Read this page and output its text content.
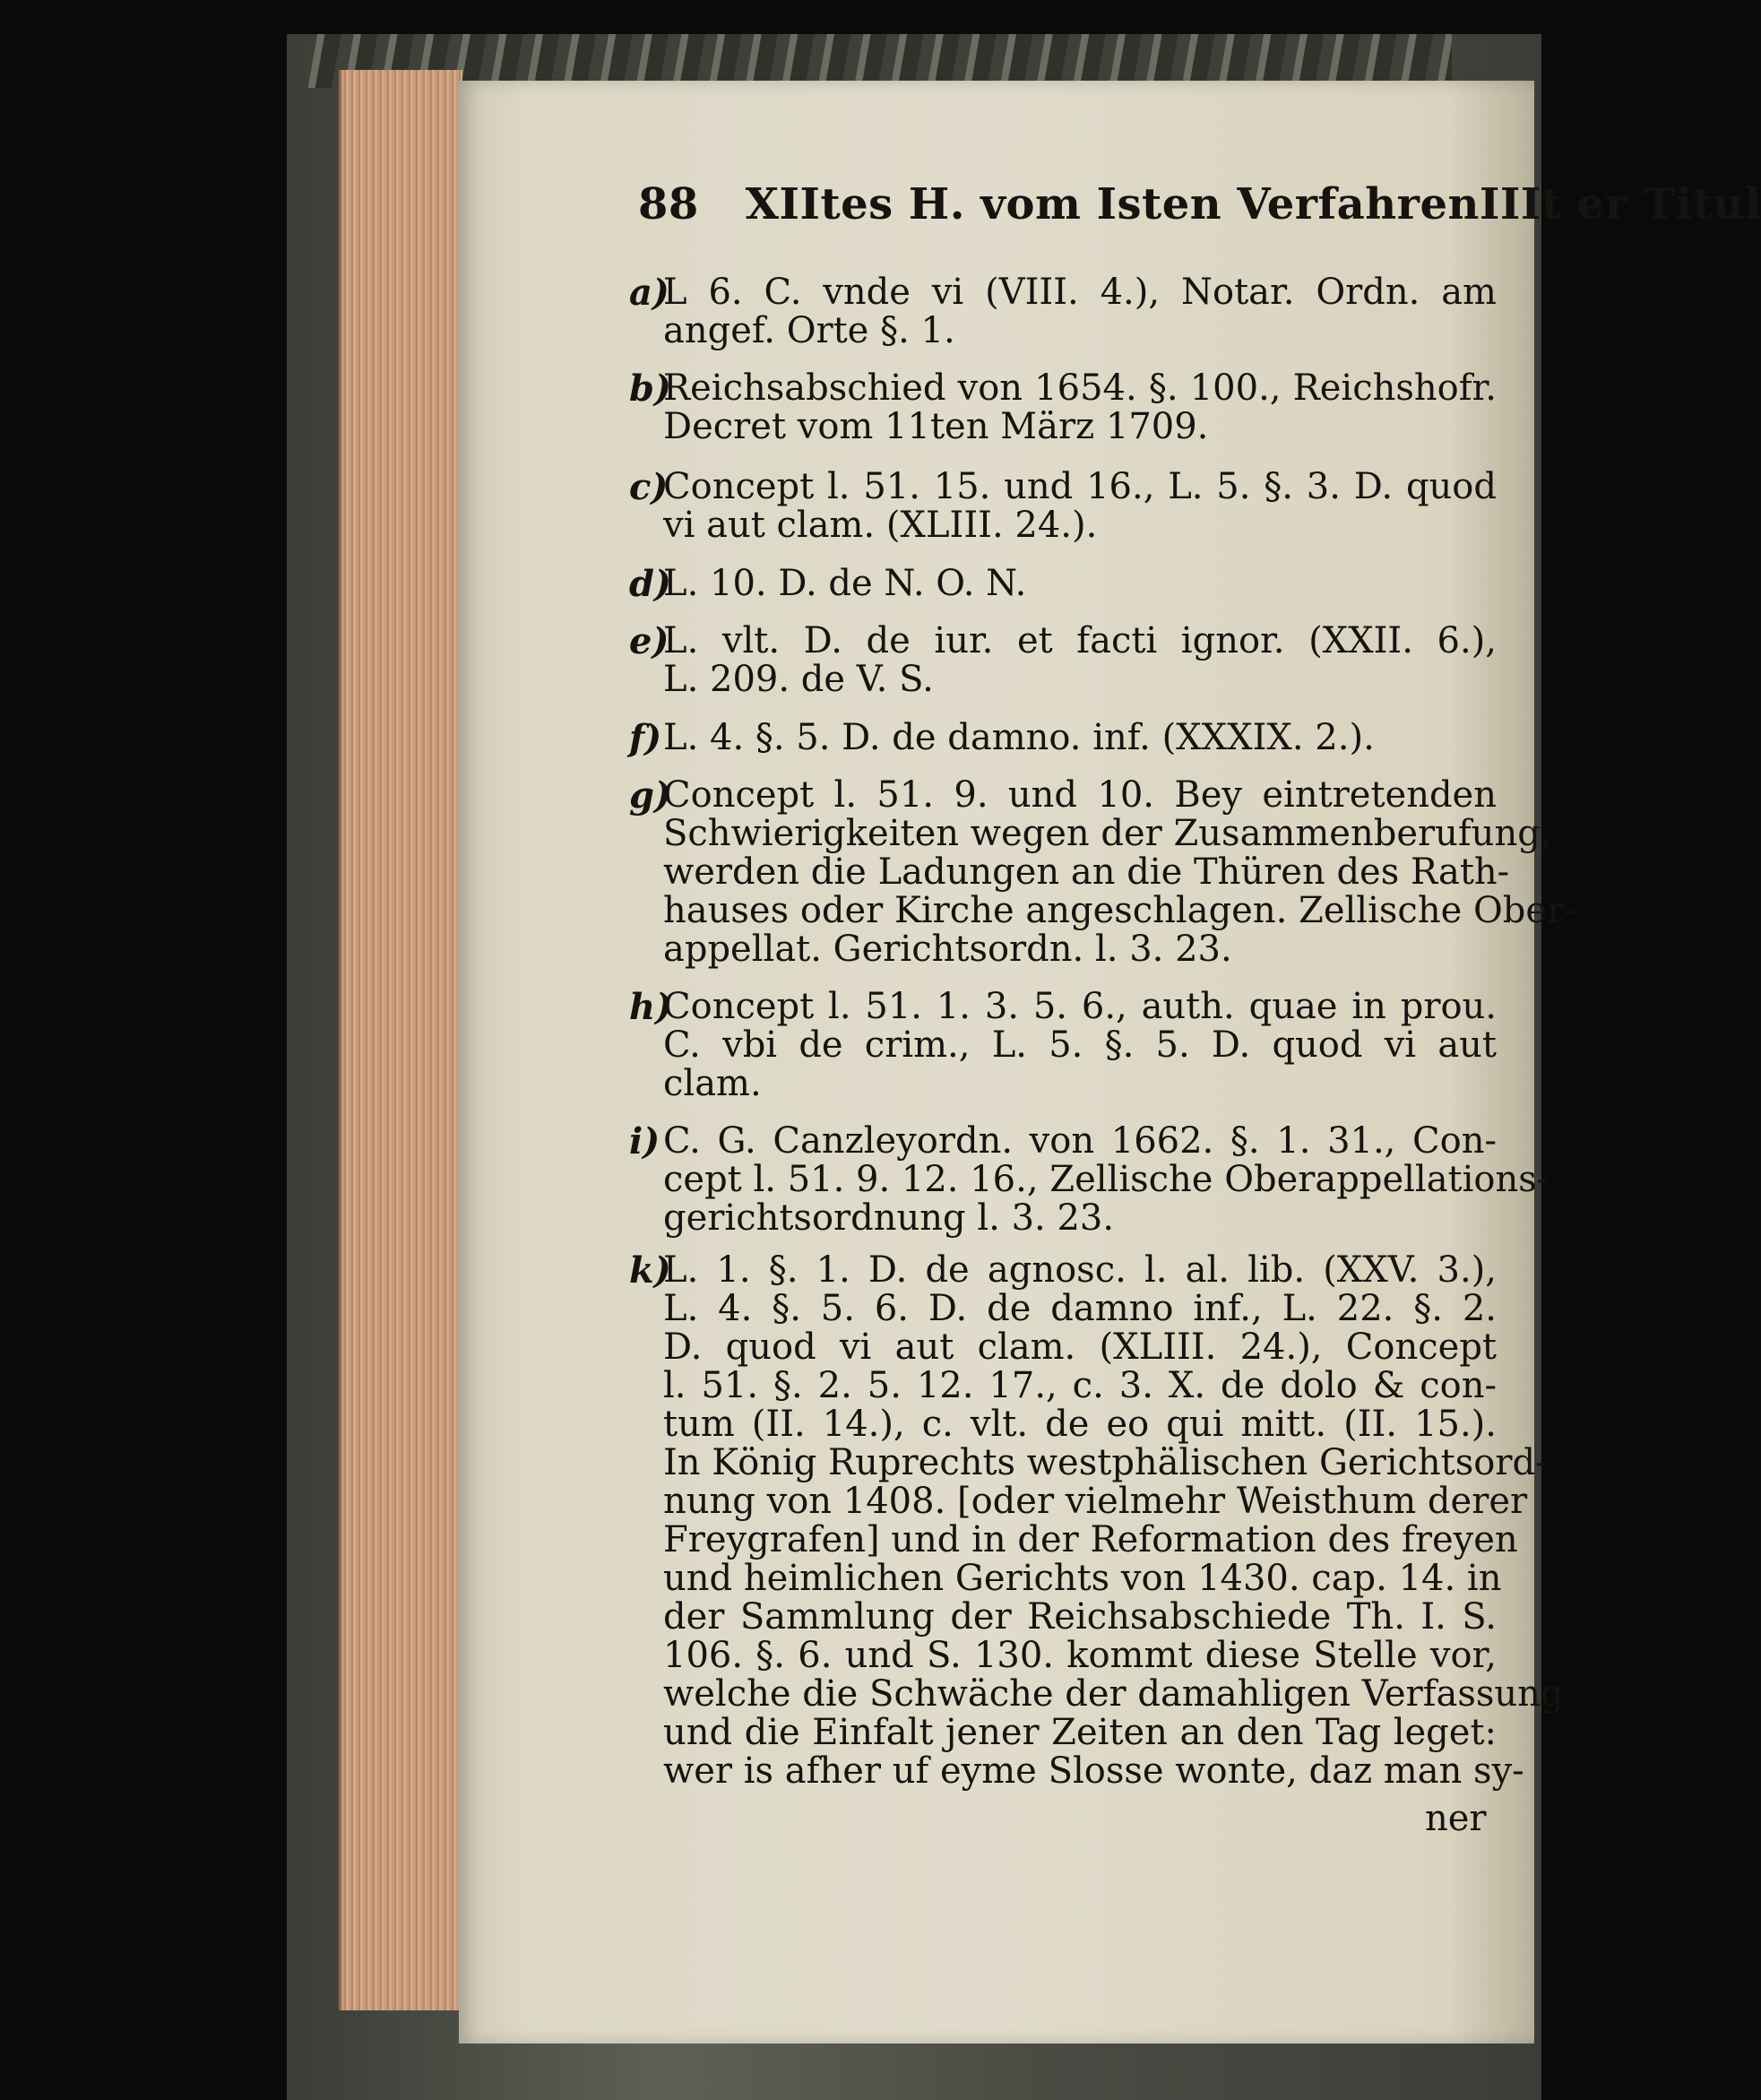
88 XIItes H. vom Isten VerfahrenIIIt er Titul
a)
L 6. C. vnde vi (VIII. 4.), Notar. Ordn. am
angef. Orte §. 1.
b)
Reichsabschied von 1654. §. 100., Reichshofr.
Decret vom 11ten März 1709.
c)
Concept l. 51. 15. und 16., L. 5. §. 3. D. quod
vi aut clam. (XLIII. 24.).
d)
L. 10. D. de N. O. N.
e)
L. vlt. D. de iur. et facti ignor. (XXII. 6.),
L. 209. de V. S.
f) L. 4. §. 5. D. de damno. inf. (XXXIX. 2.).
g)
Concept l. 51. 9. und 10. Bey eintretenden
Schwierigkeiten wegen der Zusammenberufung,
werden die Ladungen an die Thüren des Rath-
hauses oder Kirche angeschlagen. Zellische Ober-
appellat. Gerichtsordn. l. 3. 23.
h)
Concept l. 51. 1. 3. 5. 6., auth. quae in prou.
C. vbi de crim., L. 5. §. 5. D. quod vi aut
clam.
i) C. G. Canzleyordn. von 1662. §. 1. 31., Con-
cept l. 51. 9. 12. 16., Zellische Oberappellations-
gerichtsordnung l. 3. 23.
k)
L. 1. §. 1. D. de agnosc. l. al. lib. (XXV. 3.),
L. 4. §. 5. 6. D. de damno inf., L. 22. §. 2.
D. quod vi aut clam. (XLIII. 24.), Concept
l. 51. §. 2. 5. 12. 17., c. 3. X. de dolo & con-
tum (II. 14.), c. vlt. de eo qui mitt. (II. 15.).
In König Ruprechts westphälischen Gerichtsord-
nung von 1408. [oder vielmehr Weisthum derer
Freygrafen] und in der Reformation des freyen
und heimlichen Gerichts von 1430. cap. 14. in
der Sammlung der Reichsabschiede Th. I. S.
106. §. 6. und S. 130. kommt diese Stelle vor,
welche die Schwäche der damahligen Verfassung
und die Einfalt jener Zeiten an den Tag leget:
wer is afher uf eyme Slosse wonte, daz man sy-
ner
